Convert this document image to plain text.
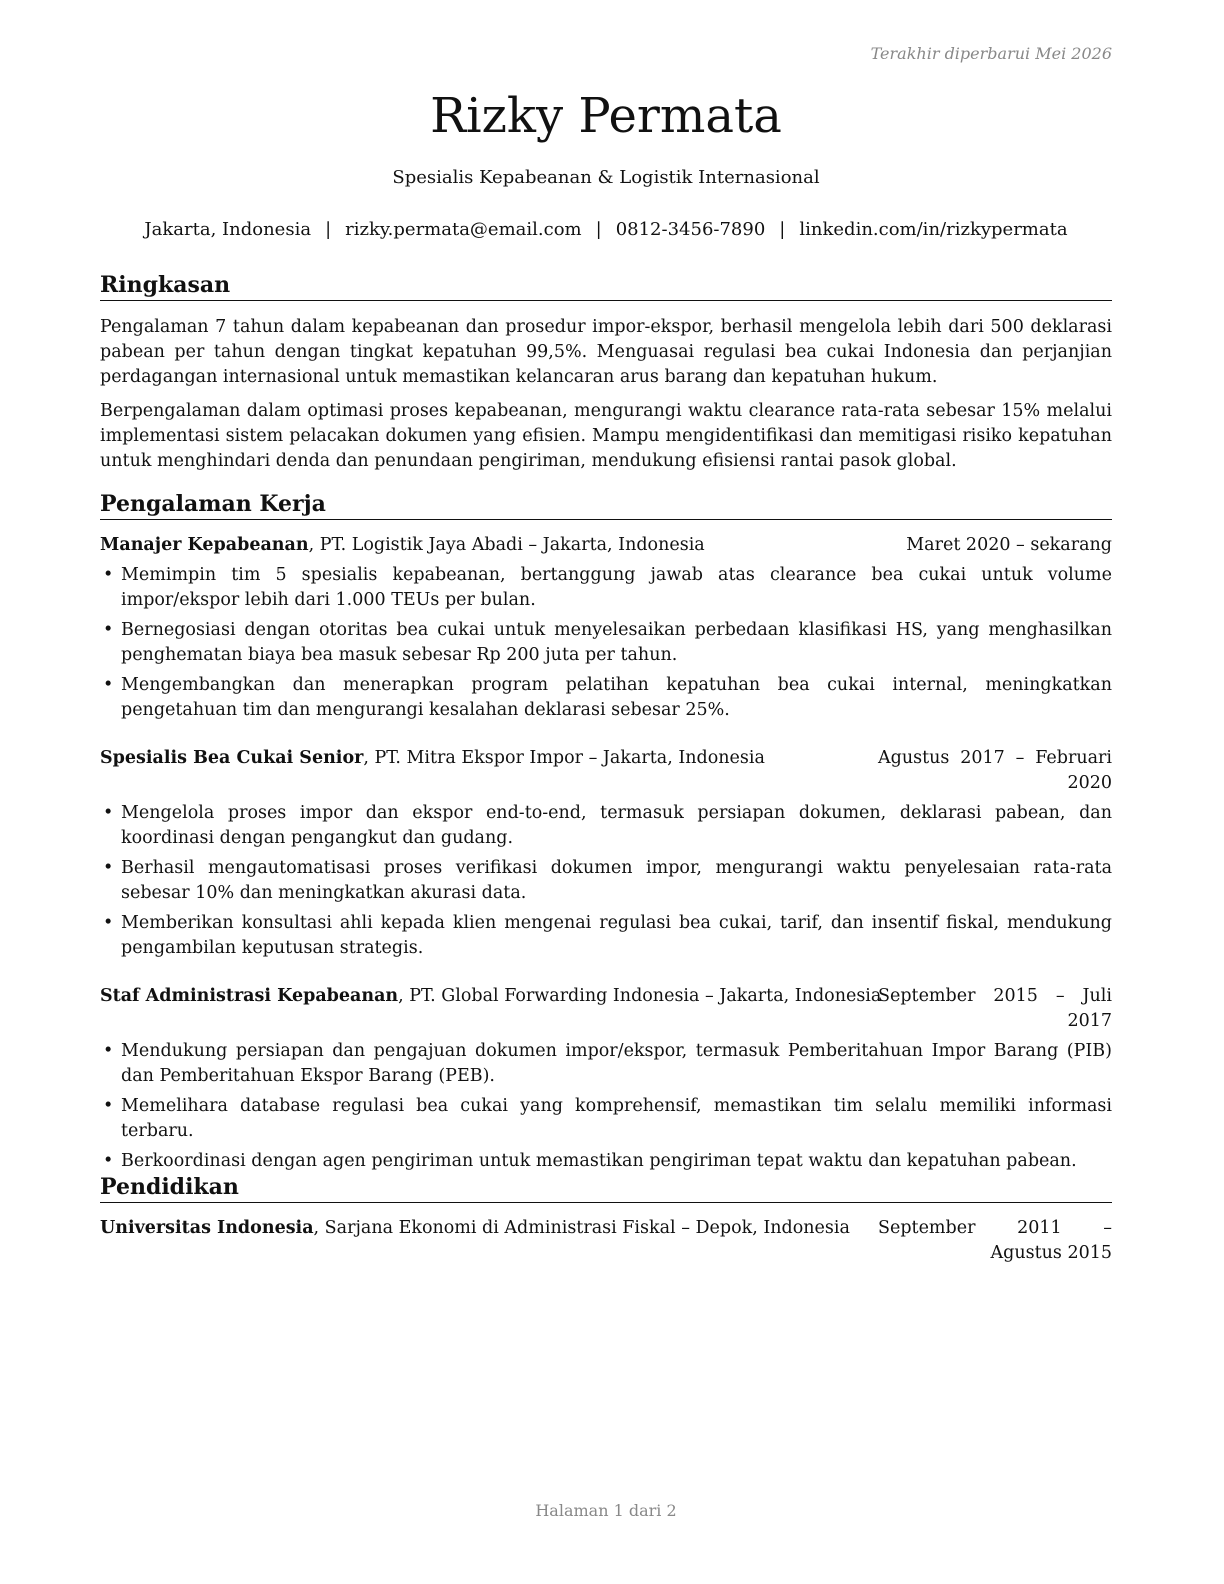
Terakhir diperbarui Mei 2026
Rizky Permata
Spesialis Kepabeanan & Logistik Internasional
Jakarta, Indonesia | rizky.permata@email.com | 0812-3456-7890 | linkedin.com/in/rizkypermata
Ringkasan
Pengalaman 7 tahun dalam kepabeanan dan prosedur impor-ekspor, berhasil mengelola lebih dari 500 deklarasi pabean per tahun dengan tingkat kepatuhan 99,5%. Menguasai regulasi bea cukai Indonesia dan perjanjian perdagangan internasional untuk memastikan kelancaran arus barang dan kepatuhan hukum.
Berpengalaman dalam optimasi proses kepabeanan, mengurangi waktu clearance rata-rata sebesar 15% melalui implementasi sistem pelacakan dokumen yang efisien. Mampu mengidentifikasi dan memitigasi risiko kepatuhan untuk menghindari denda dan penundaan pengiriman, mendukung efisiensi rantai pasok global.
Pengalaman Kerja
Manajer Kepabeanan, PT. Logistik Jaya Abadi – Jakarta, Indonesia	Maret 2020 – sekarang
• Memimpin tim 5 spesialis kepabeanan, bertanggung jawab atas clearance bea cukai untuk volume impor/ekspor lebih dari 1.000 TEUs per bulan.
• Bernegosiasi dengan otoritas bea cukai untuk menyelesaikan perbedaan klasifikasi HS, yang menghasilkan penghematan biaya bea masuk sebesar Rp 200 juta per tahun.
• Mengembangkan dan menerapkan program pelatihan kepatuhan bea cukai internal, meningkatkan pengetahuan tim dan mengurangi kesalahan deklarasi sebesar 25%.
Spesialis Bea Cukai Senior, PT. Mitra Ekspor Impor – Jakarta, Indonesia	Agustus 2017 – Februari 2020
• Mengelola proses impor dan ekspor end-to-end, termasuk persiapan dokumen, deklarasi pabean, dan koordinasi dengan pengangkut dan gudang.
• Berhasil mengautomatisasi proses verifikasi dokumen impor, mengurangi waktu penyelesaian rata-rata sebesar 10% dan meningkatkan akurasi data.
• Memberikan konsultasi ahli kepada klien mengenai regulasi bea cukai, tarif, dan insentif fiskal, mendukung pengambilan keputusan strategis.
Staf Administrasi Kepabeanan, PT. Global Forwarding Indonesia – Jakarta, Indonesia
September 2015 – Juli 2017
• Mendukung persiapan dan pengajuan dokumen impor/ekspor, termasuk Pemberitahuan Impor Barang (PIB) dan Pemberitahuan Ekspor Barang (PEB).
• Memelihara database regulasi bea cukai yang komprehensif, memastikan tim selalu memiliki informasi terbaru.
• Berkoordinasi dengan agen pengiriman untuk memastikan pengiriman tepat waktu dan kepatuhan pabean.
Pendidikan
Universitas Indonesia, Sarjana Ekonomi di Administrasi Fiskal – Depok, Indonesia September 2011 – Agustus 2015
Halaman 1 dari 2
